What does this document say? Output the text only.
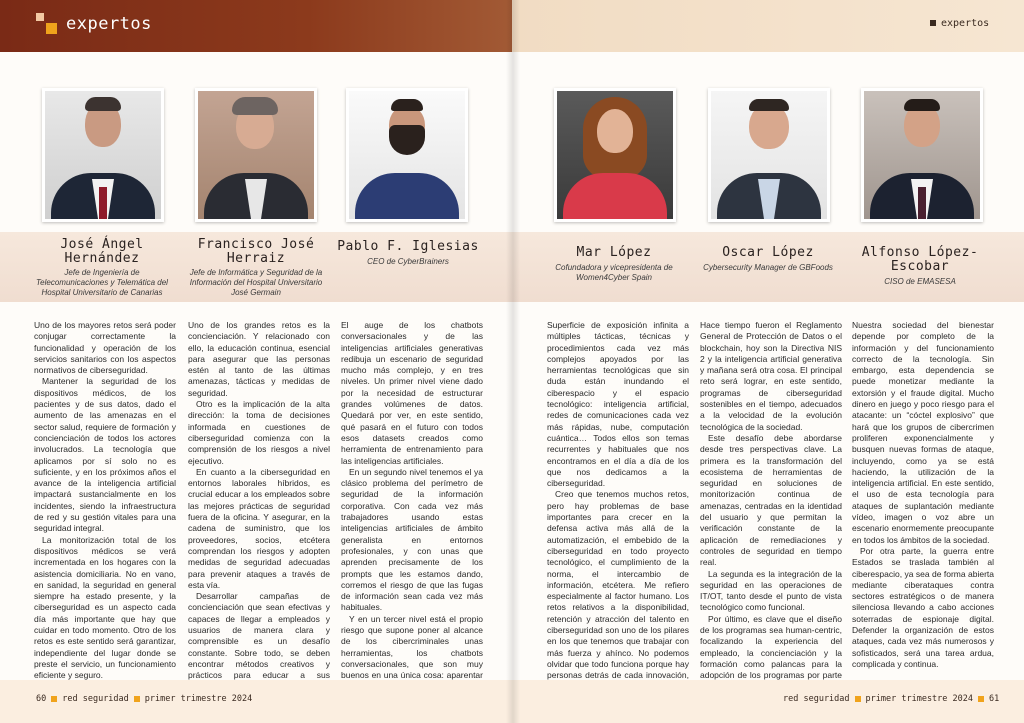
expertos	expertos
José Ángel Hernández
Jefe de Ingeniería de Telecomunicaciones y Telemática del Hospital Universitario de Canarias
Francisco José Herraiz
Jefe de Informática y Seguridad de la Información del Hospital Universitario José Germain
Pablo F. Iglesias
CEO de CyberBrainers
Mar López
Cofundadora y vicepresidenta de Women4Cyber Spain
Oscar López
Cybersecurity Manager de GBFoods
Alfonso López-Escobar
CISO de EMASESA

Uno de los mayores retos será poder conjugar correctamente la funcionalidad y operación de los servicios sanitarios con los aspectos normativos de ciberseguridad.

Mantener la seguridad de los dispositivos médicos, de los pacientes y de sus datos, dado el aumento de las amenazas en el sector salud, requiere de formación y concienciación de todos los actores involucrados. La tecnología que aplicamos por sí solo no es suficiente, y en los próximos años el avance de la inteligencia artificial impactará sustancialmente en los incidentes, siendo la infraestructura de red y su gestión vitales para una seguridad integral.

La monitorización total de los dispositivos médicos se verá incrementada en los hogares con la asistencia domiciliaria. No en vano, en sanidad, la seguridad en general siempre ha estado presente, y la ciberseguridad es un aspecto cada día más importante que hay que cuidar en todo momento. Otro de los retos es este sentido será garantizar, independiente del lugar donde se preste el servicio, un funcionamiento eficiente y seguro.

Uno de los grandes retos es la concienciación. Y relacionado con ello, la educación continua, esencial para asegurar que las personas estén al tanto de las últimas amenazas, tácticas y medidas de seguridad.

Otro es la implicación de la alta dirección: la toma de decisiones informada en cuestiones de ciberseguridad comienza con la comprensión de los riesgos a nivel ejecutivo.

En cuanto a la ciberseguridad en entornos laborales híbridos, es crucial educar a los empleados sobre las mejores prácticas de seguridad fuera de la oficina. Y asegurar, en la cadena de suministro, que los proveedores, socios, etcétera comprendan los riesgos y adopten medidas de seguridad adecuadas para prevenir ataques a través de esta vía.

Desarrollar campañas de concienciación que sean efectivas y capaces de llegar a empleados y usuarios de manera clara y comprensible es un desafío constante. Sobre todo, se deben encontrar métodos creativos y prácticos para educar a sus

El auge de los chatbots conversacionales y de las inteligencias artificiales generativas redibuja un escenario de seguridad mucho más complejo, y en tres niveles. Un primer nivel viene dado por la necesidad de estructurar grandes volúmenes de datos. Quedará por ver, en este sentido, qué pasará en el futuro con todos esos datasets creados como herramienta de entrenamiento para las inteligencias artificiales.

En un segundo nivel tenemos el ya clásico problema del perímetro de seguridad de la información corporativa. Con cada vez más trabajadores usando estas inteligencias artificiales de ámbito generalista en entornos profesionales, y con unas que aprenden precisamente de los prompts que les estamos dando, corremos el riesgo de que las fugas de información sean cada vez más habituales.

Y en un tercer nivel está el propio riesgo que supone poner al alcance de los cibercriminales unas herramientas, los chatbots conversacionales, que son muy buenos en una única cosa: aparentar

Superficie de exposición infinita a múltiples tácticas, técnicas y procedimientos cada vez más complejos apoyados por las herramientas tecnológicas que sin duda están inundando el ciberespacio y el espacio tecnológico: inteligencia artificial, redes de comunicaciones cada vez más rápidas, nube, computación cuántica… Todos ellos son temas recurrentes y habituales que nos encontramos en el día a día de los que nos dedicamos a la ciberseguridad.

Creo que tenemos muchos retos, pero hay problemas de base importantes para crecer en la defensa activa más allá de la automatización, el embebido de la ciberseguridad en todo proyecto tecnológico, el cumplimiento de la norma, el intercambio de información, etcétera. Me refiero especialmente al factor humano. Los retos relativos a la disponibilidad, retención y atracción del talento en ciberseguridad son uno de los pilares en los que tenemos que trabajar con más fuerza y ahínco. No podemos olvidar que todo funciona porque hay personas detrás de cada innovación,

Hace tiempo fueron el Reglamento General de Protección de Datos o el blockchain, hoy son la Directiva NIS 2 y la inteligencia artificial generativa y mañana será otra cosa. El principal reto será lograr, en este sentido, programas de ciberseguridad sostenibles en el tiempo, adecuados a la velocidad de la evolución tecnológica de la sociedad.

Este desafío debe abordarse desde tres perspectivas clave. La primera es la transformación del ecosistema de herramientas de seguridad en soluciones de monitorización continua de amenazas, centradas en la identidad del usuario y que permitan la verificación constante de la aplicación de remediaciones y controles de seguridad en tiempo real.

La segunda es la integración de la seguridad en las operaciones de IT/OT, tanto desde el punto de vista tecnológico como funcional.

Por último, es clave que el diseño de los programas sea human-centric, focalizando la experiencia del empleado, la concienciación y la formación como palancas para la adopción de los programas por parte

Nuestra sociedad del bienestar depende por completo de la información y del funcionamiento correcto de la tecnología. Sin embargo, esta dependencia se puede monetizar mediante la extorsión y el fraude digital. Mucho dinero en juego y poco riesgo para el atacante: un “cóctel explosivo” que hará que los grupos de cibercrimen proliferen exponencialmente y busquen nuevas formas de ataque, incluyendo, como ya se está haciendo, la utilización de la inteligencia artificial. En este sentido, el uso de esta tecnología para ataques de suplantación mediante vídeo, imagen o voz abre un escenario enormemente preocupante en todos los ámbitos de la sociedad.

Por otra parte, la guerra entre Estados se traslada también al ciberespacio, ya sea de forma abierta mediante ciberataques contra sectores estratégicos o de manera silenciosa llevando a cabo acciones soterradas de espionaje digital. Defender la organización de estos ataques, cada vez más numerosos y sofisticados, será una tarea ardua, complicada y continua.

60 red seguridad primer trimestre 2024	red seguridad primer trimestre 2024 61
